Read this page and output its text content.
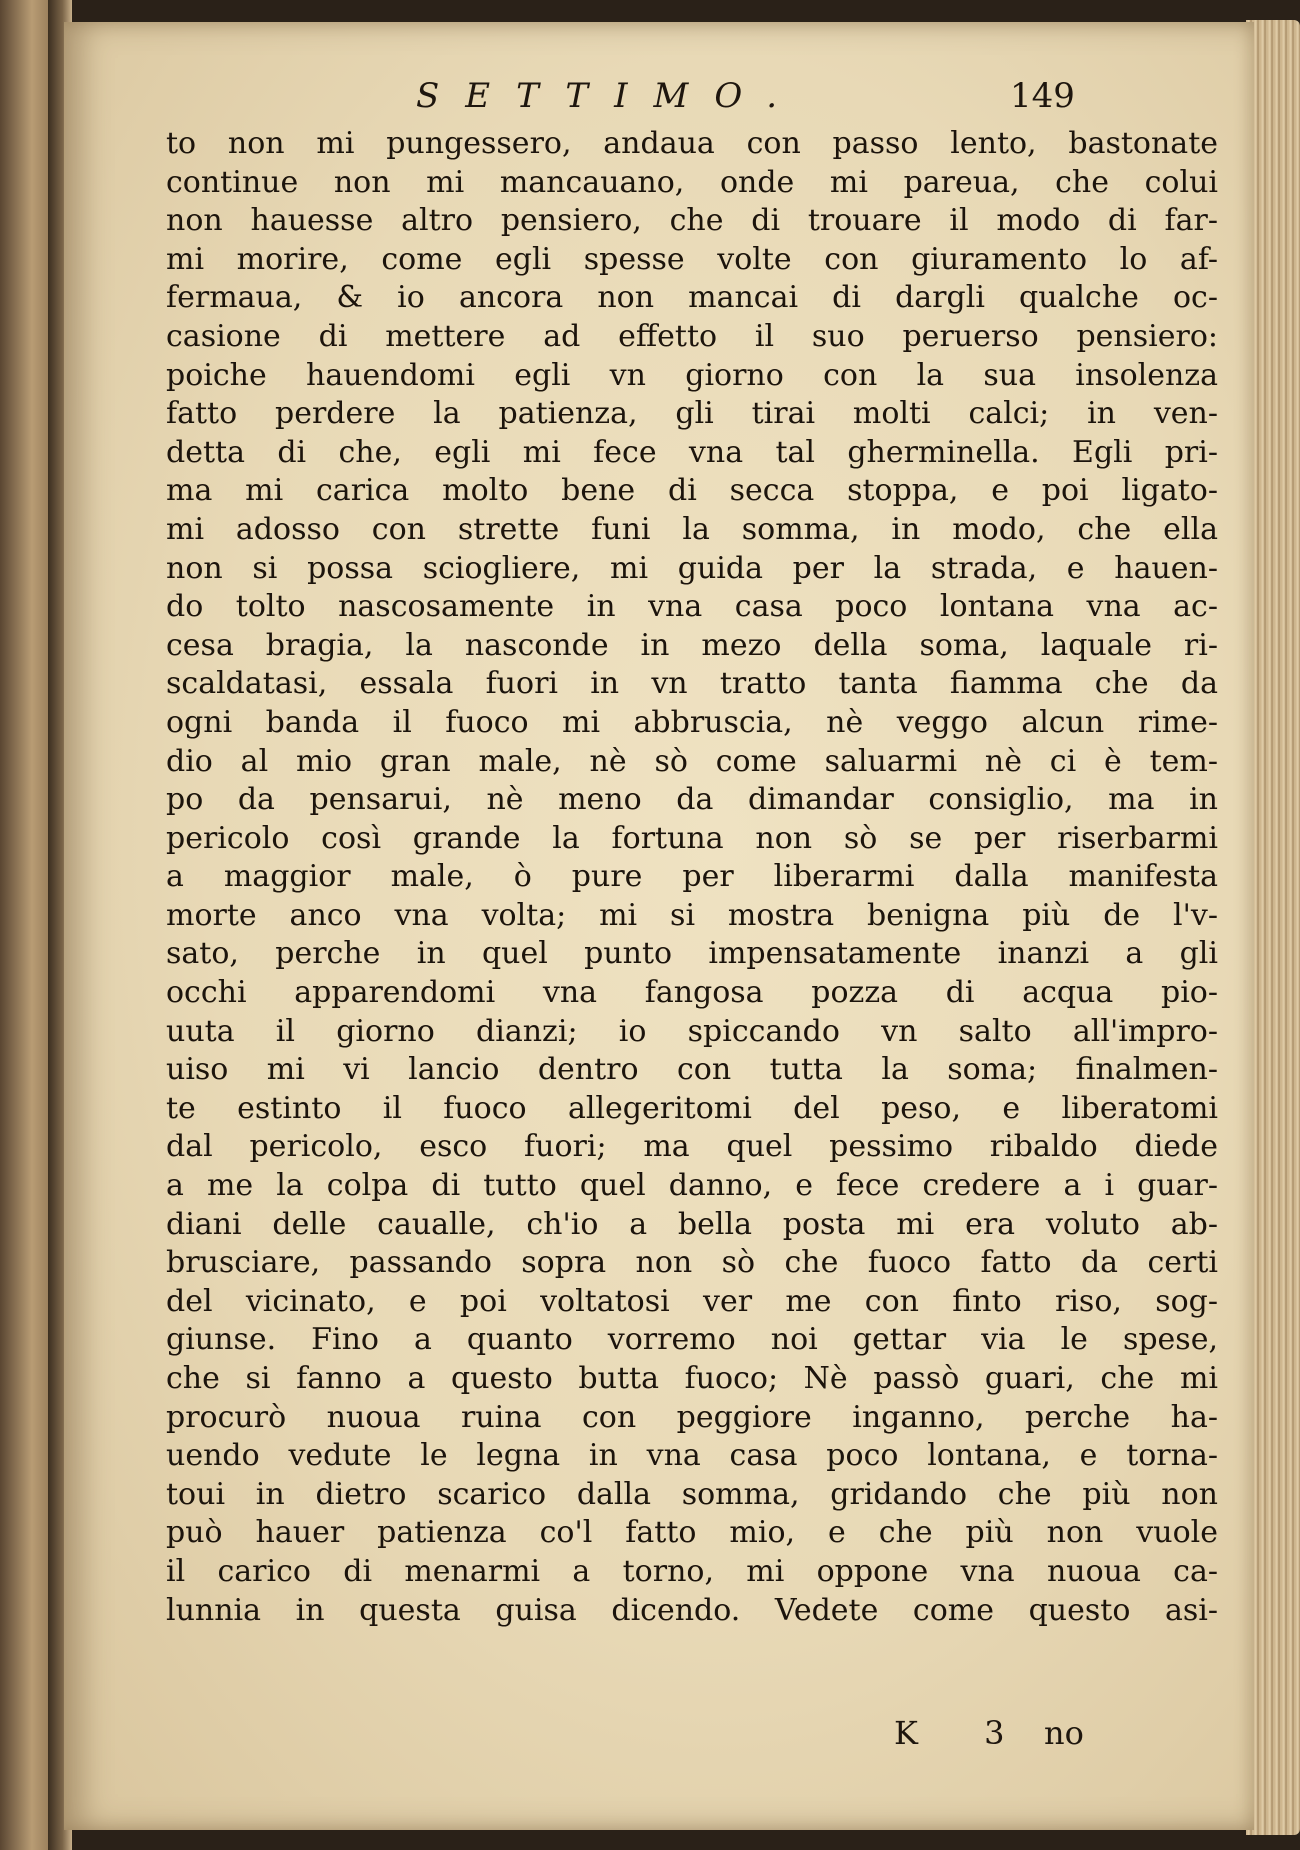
SETTIMO.	149
to non mi pungessero, andaua con passo lento, bastonate
continue non mi mancauano, onde mi pareua, che colui
non hauesse altro pensiero, che di trouare il modo di far-
mi morire, come egli spesse volte con giuramento lo af-
fermaua, & io ancora non mancai di dargli qualche oc-
casione di mettere ad effetto il suo peruerso pensiero:
poiche hauendomi egli vn giorno con la sua insolenza
fatto perdere la patienza, gli tirai molti calci; in ven-
detta di che, egli mi fece vna tal gherminella. Egli pri-
ma mi carica molto bene di secca stoppa, e poi ligato-
mi adosso con strette funi la somma, in modo, che ella
non si possa sciogliere, mi guida per la strada, e hauen-
do tolto nascosamente in vna casa poco lontana vna ac-
cesa bragia, la nasconde in mezo della soma, laquale ri-
scaldatasi, essala fuori in vn tratto tanta fiamma che da
ogni banda il fuoco mi abbruscia, nè veggo alcun rime-
dio al mio gran male, nè sò come saluarmi nè ci è tem-
po da pensarui, nè meno da dimandar consiglio, ma in
pericolo così grande la fortuna non sò se per riserbarmi
a maggior male, ò pure per liberarmi dalla manifesta
morte anco vna volta; mi si mostra benigna più de l'v-
sato, perche in quel punto impensatamente inanzi a gli
occhi apparendomi vna fangosa pozza di acqua pio-
uuta il giorno dianzi; io spiccando vn salto all'impro-
uiso mi vi lancio dentro con tutta la soma; finalmen-
te estinto il fuoco allegeritomi del peso, e liberatomi
dal pericolo, esco fuori; ma quel pessimo ribaldo diede
a me la colpa di tutto quel danno, e fece credere a i guar-
diani delle caualle, ch'io a bella posta mi era voluto ab-
brusciare, passando sopra non sò che fuoco fatto da certi
del vicinato, e poi voltatosi ver me con finto riso, sog-
giunse. Fino a quanto vorremo noi gettar via le spese,
che si fanno a questo butta fuoco; Nè passò guari, che mi
procurò nuoua ruina con peggiore inganno, perche ha-
uendo vedute le legna in vna casa poco lontana, e torna-
toui in dietro scarico dalla somma, gridando che più non
può hauer patienza co'l fatto mio, e che più non vuole
il carico di menarmi a torno, mi oppone vna nuoua ca-
lunnia in questa guisa dicendo. Vedete come questo asi-
K 3 no
